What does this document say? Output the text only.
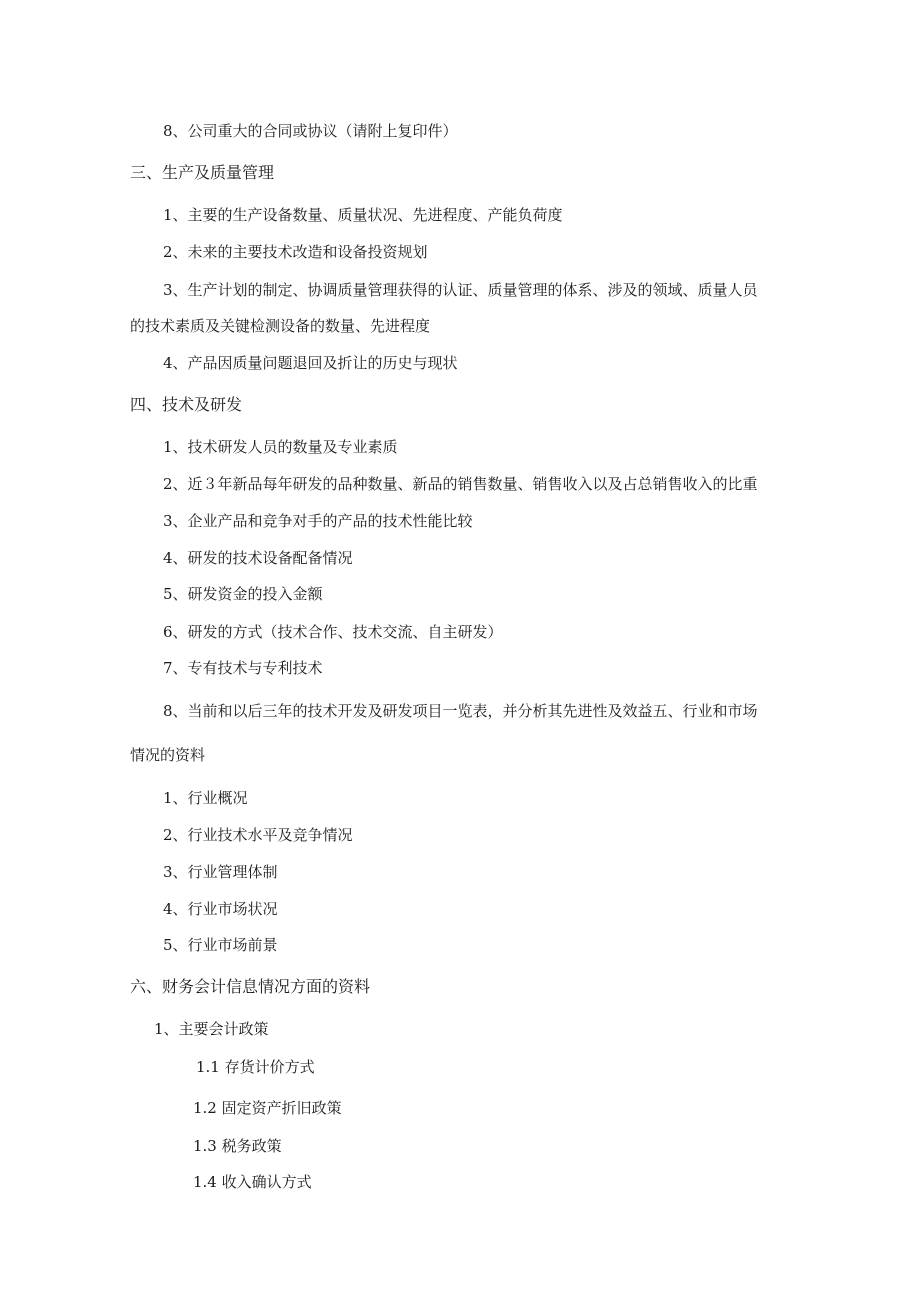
8、公司重大的合同或协议（请附上复印件）
三、生产及质量管理
1、主要的生产设备数量、质量状况、先进程度、产能负荷度
2、未来的主要技术改造和设备投资规划
3、生产计划的制定、协调质量管理获得的认证、质量管理的体系、涉及的领域、质量人员
的技术素质及关键检测设备的数量、先进程度
4、产品因质量问题退回及折让的历史与现状
四、技术及研发
1、技术研发人员的数量及专业素质
2、近３年新品每年研发的品种数量、新品的销售数量、销售收入以及占总销售收入的比重
3、企业产品和竞争对手的产品的技术性能比较
4、研发的技术设备配备情况
5、研发资金的投入金额
6、研发的方式（技术合作、技术交流、自主研发）
7、专有技术与专利技术
8、当前和以后三年的技术开发及研发项目一览表，并分析其先进性及效益五、行业和市场
情况的资料
1、行业概况
2、行业技术水平及竞争情况
3、行业管理体制
4、行业市场状况
5、行业市场前景
六、财务会计信息情况方面的资料
1、主要会计政策
1.1 存货计价方式
1.2 固定资产折旧政策
1.3 税务政策
1.4 收入确认方式
